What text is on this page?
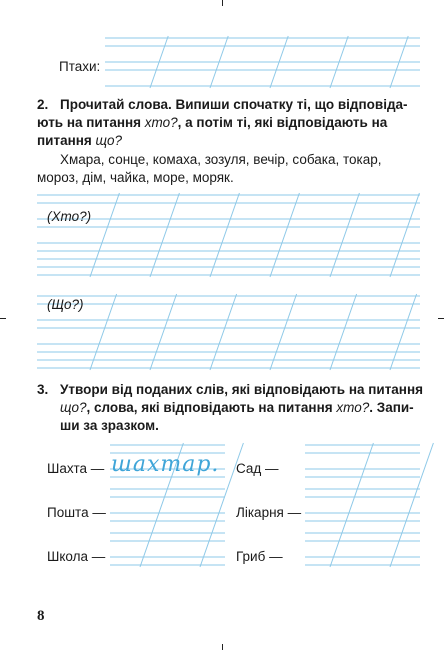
Птахи:
2. Прочитай слова. Випиши спочатку ті, що відповіда-
ють на питання хто?, а потім ті, які відповідають на
питання що?
Хмара, сонце, комаха, зозуля, вечір, собака, токар,
мороз, дім, чайка, море, моряк.
(Хто?)
(Що?)
3. Утвори від поданих слів, які відповідають на питання
що?, слова, які відповідають на питання хто?. Запи-
ши за зразком.
Шахта —
Пошта —
Школа —
Сад —
Лікарня —
Гриб —
шахтар.
8
